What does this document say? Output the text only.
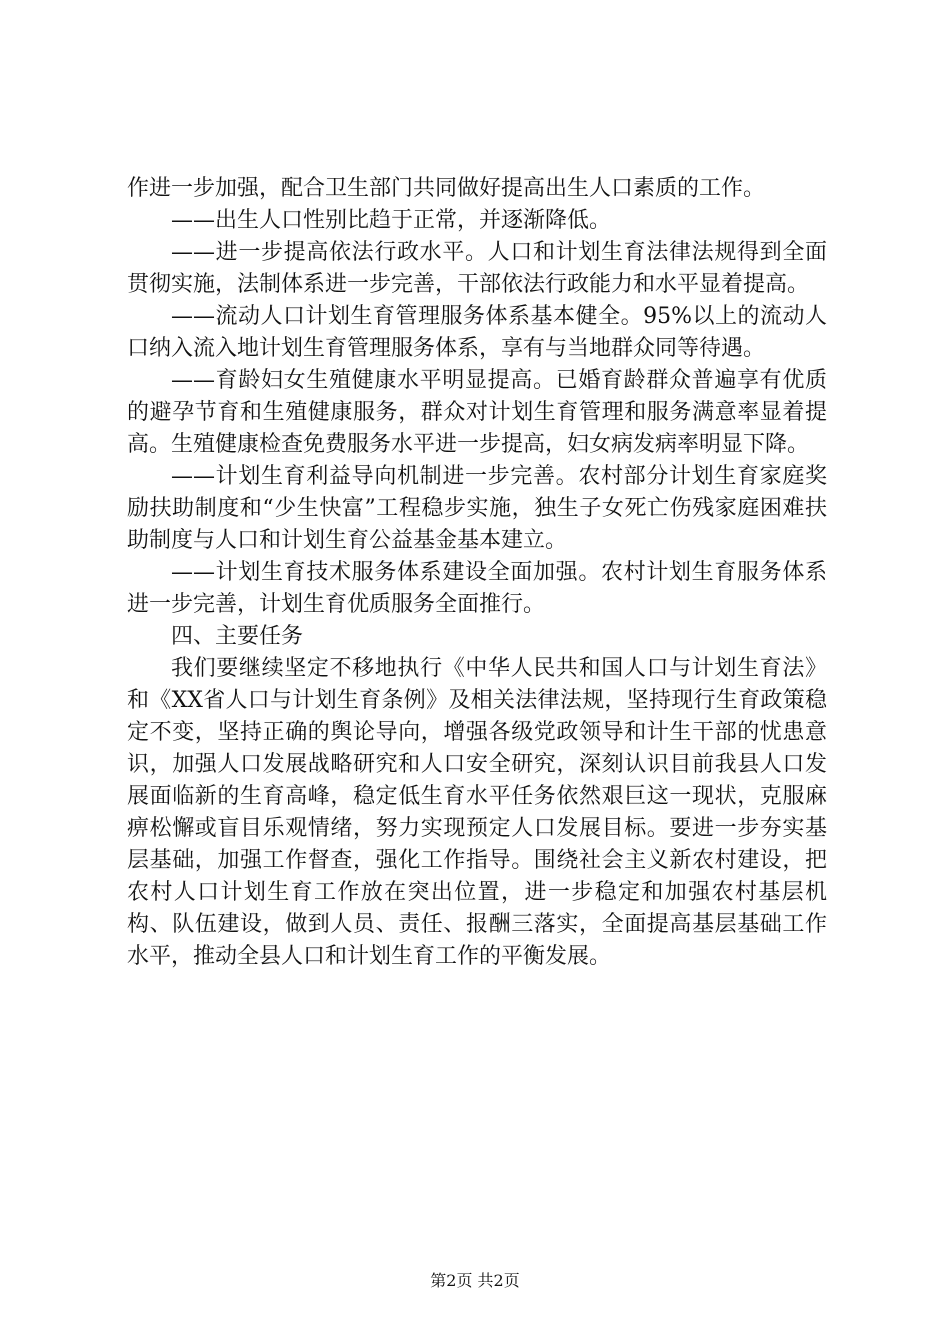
作进一步加强，配合卫生部门共同做好提高出生人口素质的工作。

——出生人口性别比趋于正常，并逐渐降低。

——进一步提高依法行政水平。人口和计划生育法律法规得到全面贯彻实施，法制体系进一步完善，干部依法行政能力和水平显着提高。

——流动人口计划生育管理服务体系基本健全。95%以上的流动人口纳入流入地计划生育管理服务体系，享有与当地群众同等待遇。

——育龄妇女生殖健康水平明显提高。已婚育龄群众普遍享有优质的避孕节育和生殖健康服务，群众对计划生育管理和服务满意率显着提高。生殖健康检查免费服务水平进一步提高，妇女病发病率明显下降。

——计划生育利益导向机制进一步完善。农村部分计划生育家庭奖励扶助制度和“少生快富”工程稳步实施，独生子女死亡伤残家庭困难扶助制度与人口和计划生育公益基金基本建立。

——计划生育技术服务体系建设全面加强。农村计划生育服务体系进一步完善，计划生育优质服务全面推行。

四、主要任务

我们要继续坚定不移地执行《中华人民共和国人口与计划生育法》和《XX省人口与计划生育条例》及相关法律法规，坚持现行生育政策稳定不变，坚持正确的舆论导向，增强各级党政领导和计生干部的忧患意识，加强人口发展战略研究和人口安全研究，深刻认识目前我县人口发展面临新的生育高峰，稳定低生育水平任务依然艰巨这一现状，克服麻痹松懈或盲目乐观情绪，努力实现预定人口发展目标。要进一步夯实基层基础，加强工作督查，强化工作指导。围绕社会主义新农村建设，把农村人口计划生育工作放在突出位置，进一步稳定和加强农村基层机构、队伍建设，做到人员、责任、报酬三落实，全面提高基层基础工作水平，推动全县人口和计划生育工作的平衡发展。

第2页 共2页
